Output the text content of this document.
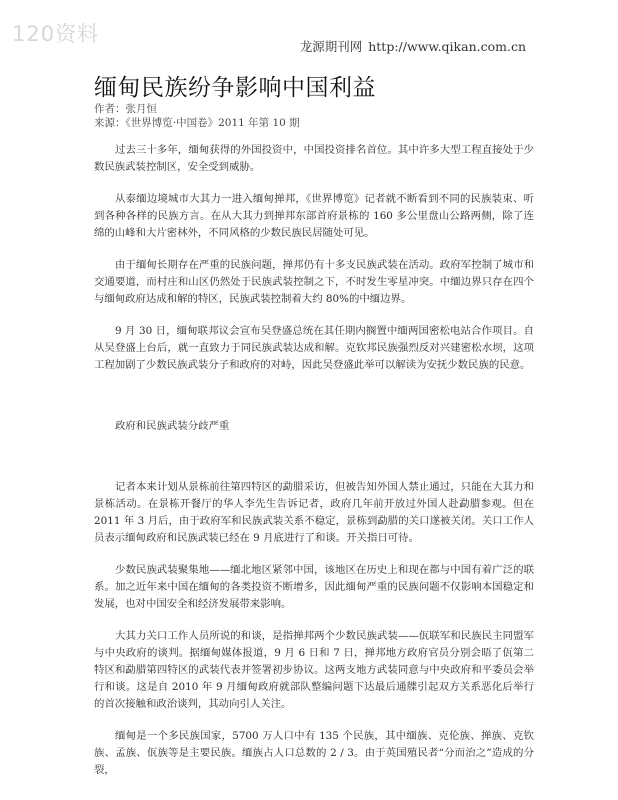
120资料
龙源期刊网 http://www.qikan.com.cn
缅甸民族纷争影响中国利益
作者：张月恒
来源：《世界博览·中国卷》2011 年第 10 期

过去三十多年，缅甸获得的外国投资中，中国投资排名首位。其中许多大型工程直接处于少数民族武装控制区，安全受到威胁。

从泰缅边境城市大其力一进入缅甸掸邦，《世界博览》记者就不断看到不同的民族装束、听到各种各样的民族方言。在从大其力到掸邦东部首府景栋的 160 多公里盘山公路两侧，除了连绵的山峰和大片密林外，不同风格的少数民族民居随处可见。

由于缅甸长期存在严重的民族问题，掸邦仍有十多支民族武装在活动。政府军控制了城市和交通要道，而村庄和山区仍然处于民族武装控制之下，不时发生零星冲突。中缅边界只存在四个与缅甸政府达成和解的特区，民族武装控制着大约 80%的中缅边界。

9 月 30 日，缅甸联邦议会宣布吴登盛总统在其任期内搁置中缅两国密松电站合作项目。自从吴登盛上台后，就一直致力于同民族武装达成和解。克钦邦民族强烈反对兴建密松水坝，这项工程加剧了少数民族武装分子和政府的对峙，因此吴登盛此举可以解读为安抚少数民族的民意。

政府和民族武装分歧严重

记者本来计划从景栋前往第四特区的勐腊采访，但被告知外国人禁止通过，只能在大其力和景栋活动。在景栋开餐厅的华人李先生告诉记者，政府几年前开放过外国人赴勐腊参观。但在 2011 年 3 月后，由于政府军和民族武装关系不稳定，景栋到勐腊的关口遂被关闭。关口工作人员表示缅甸政府和民族武装已经在 9 月底进行了和谈。开关指日可待。

少数民族武装聚集地——缅北地区紧邻中国，该地区在历史上和现在都与中国有着广泛的联系。加之近年来中国在缅甸的各类投资不断增多，因此缅甸严重的民族问题不仅影响本国稳定和发展，也对中国安全和经济发展带来影响。

大其力关口工作人员所说的和谈，是指掸邦两个少数民族武装——佤联军和民族民主同盟军与中央政府的谈判。据缅甸媒体报道，9 月 6 日和 7 日，掸邦地方政府官员分别会晤了佤第二特区和勐腊第四特区的武装代表并签署初步协议。这两支地方武装同意与中央政府和平委员会举行和谈。这是自 2010 年 9 月缅甸政府就部队整编问题下达最后通牒引起双方关系恶化后举行的首次接触和政治谈判，其动向引人关注。

缅甸是一个多民族国家，5700 万人口中有 135 个民族，其中缅族、克伦族、掸族、克钦族、孟族、佤族等是主要民族。缅族占人口总数的 2 / 3。由于英国殖民者“分而治之”造成的分裂，
